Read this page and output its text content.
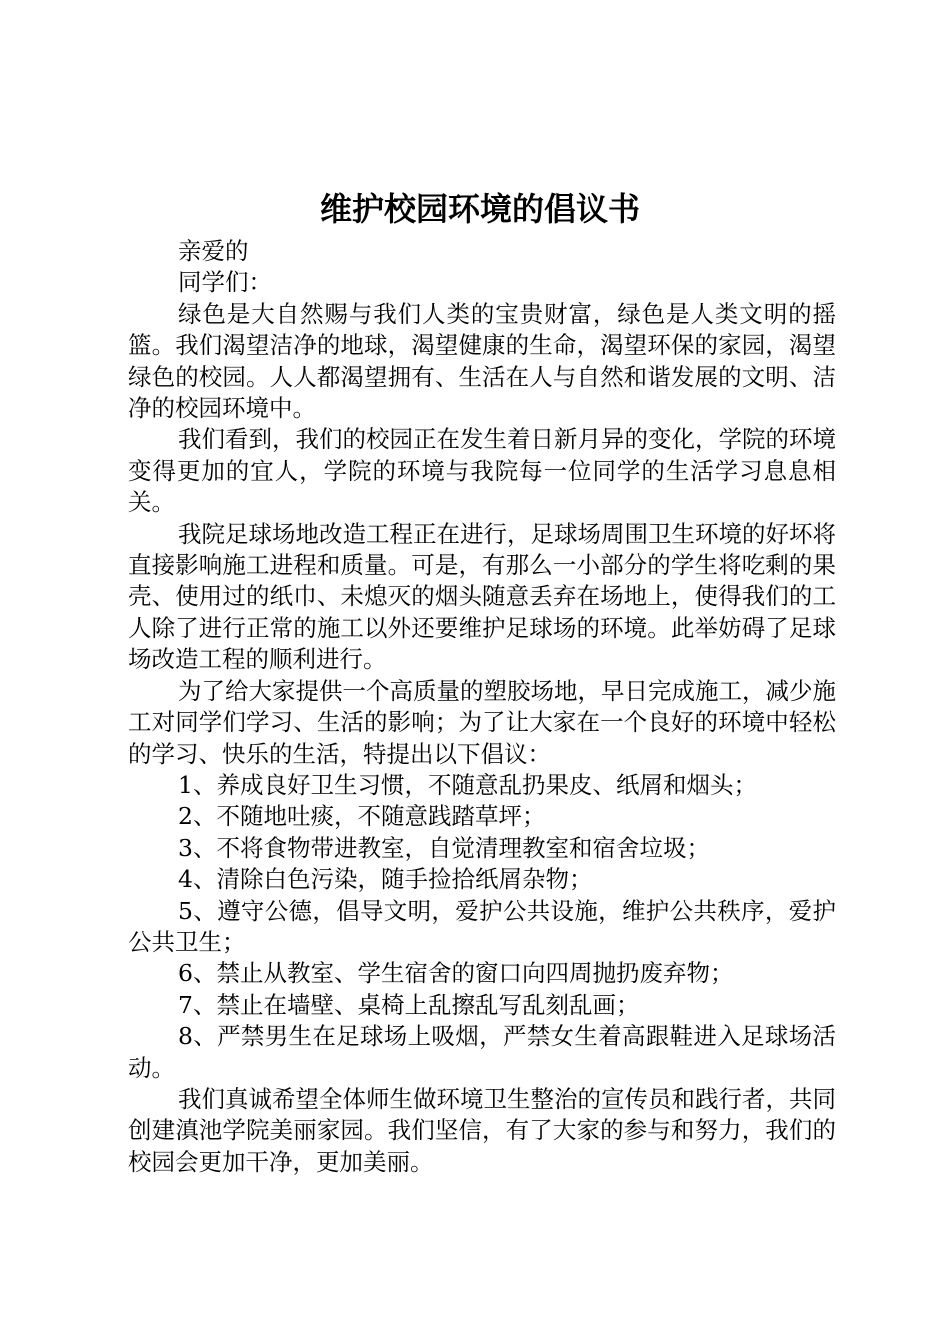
维护校园环境的倡议书

亲爱的

同学们：

绿色是大自然赐与我们人类的宝贵财富，绿色是人类文明的摇篮。我们渴望洁净的地球，渴望健康的生命，渴望环保的家园，渴望绿色的校园。人人都渴望拥有、生活在人与自然和谐发展的文明、洁净的校园环境中。

我们看到，我们的校园正在发生着日新月异的变化，学院的环境变得更加的宜人，学院的环境与我院每一位同学的生活学习息息相关。

我院足球场地改造工程正在进行，足球场周围卫生环境的好坏将直接影响施工进程和质量。可是，有那么一小部分的学生将吃剩的果壳、使用过的纸巾、未熄灭的烟头随意丢弃在场地上，使得我们的工人除了进行正常的施工以外还要维护足球场的环境。此举妨碍了足球场改造工程的顺利进行。

为了给大家提供一个高质量的塑胶场地，早日完成施工，减少施工对同学们学习、生活的影响；为了让大家在一个良好的环境中轻松的学习、快乐的生活，特提出以下倡议：

1、养成良好卫生习惯，不随意乱扔果皮、纸屑和烟头；

2、不随地吐痰，不随意践踏草坪；

3、不将食物带进教室，自觉清理教室和宿舍垃圾；

4、清除白色污染，随手捡拾纸屑杂物；

5、遵守公德，倡导文明，爱护公共设施，维护公共秩序，爱护公共卫生；

6、禁止从教室、学生宿舍的窗口向四周抛扔废弃物；

7、禁止在墙壁、桌椅上乱擦乱写乱刻乱画；

8、严禁男生在足球场上吸烟，严禁女生着高跟鞋进入足球场活动。

我们真诚希望全体师生做环境卫生整治的宣传员和践行者，共同创建滇池学院美丽家园。我们坚信，有了大家的参与和努力，我们的校园会更加干净，更加美丽。
